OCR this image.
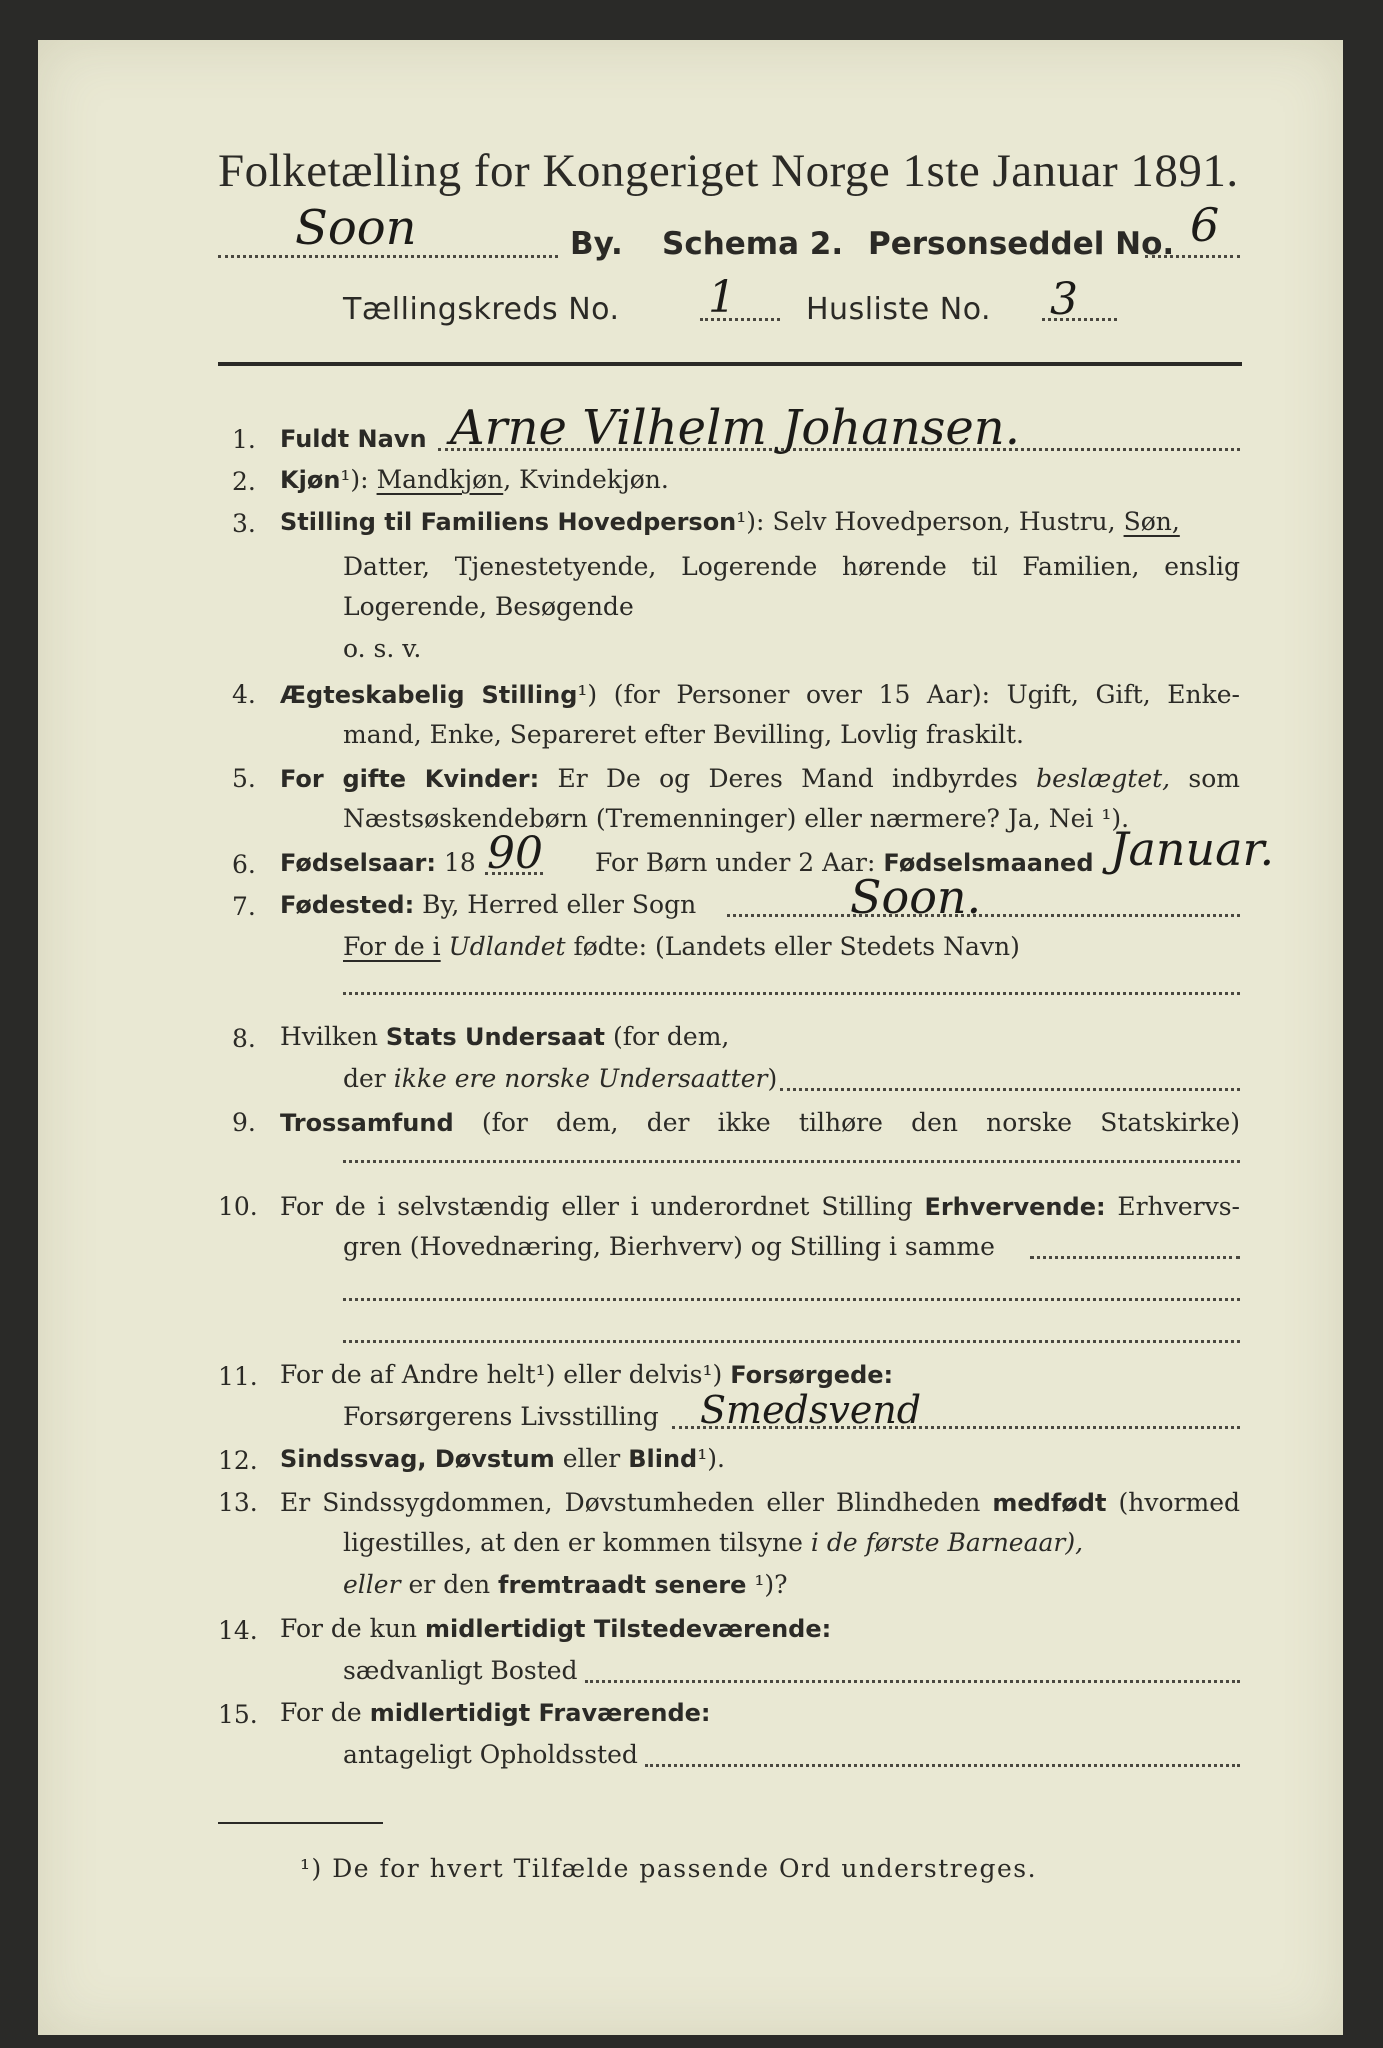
Folketælling for Kongeriget Norge 1ste Januar 1891.
Soon	By. Schema 2. Personseddel No. 6
Tællingskreds No. 1 Husliste No. 3
1. Fuldt Navn Arne Vilhelm Johansen.
2. Kjøn¹): Mandkjøn, Kvindekjøn.
3. Stilling til Familiens Hovedperson¹): Selv Hovedperson, Hustru, Søn,
Datter, Tjenestetyende, Logerende hørende til Familien, enslig
Logerende, Besøgende
o. s. v.
4. Ægteskabelig Stilling¹) (for Personer over 15 Aar): Ugift, Gift, Enke-
mand, Enke, Separeret efter Bevilling, Lovlig fraskilt.
5. For gifte Kvinder: Er De og Deres Mand indbyrdes beslægtet, som
Næstsøskendebørn (Tremenninger) eller nærmere? Ja, Nei ¹).
6. Fødselsaar: 18 90 For Børn under 2 Aar: Fødselsmaaned Januar.
7. Fødested: By, Herred eller Sogn	Soon.
For de i Udlandet fødte: (Landets eller Stedets Navn)
8. Hvilken Stats Undersaat (for dem,
der ikke ere norske Undersaatter)
9. Trossamfund (for dem, der ikke tilhøre den norske Statskirke)
10. For de i selvstændig eller i underordnet Stilling Erhvervende: Erhvervs-
gren (Hovednæring, Bierhverv) og Stilling i samme
11. For de af Andre helt¹) eller delvis¹) Forsørgede:
Forsørgerens Livsstilling Smedsvend
12. Sindssvag, Døvstum eller Blind¹).
13. Er Sindssygdommen, Døvstumheden eller Blindheden medfødt (hvormed
ligestilles, at den er kommen tilsyne i de første Barneaar),
eller er den fremtraadt senere ¹)?
14. For de kun midlertidigt Tilstedeværende:
sædvanligt Bosted
15. For de midlertidigt Fraværende:
antageligt Opholdssted
¹) De for hvert Tilfælde passende Ord understreges.
